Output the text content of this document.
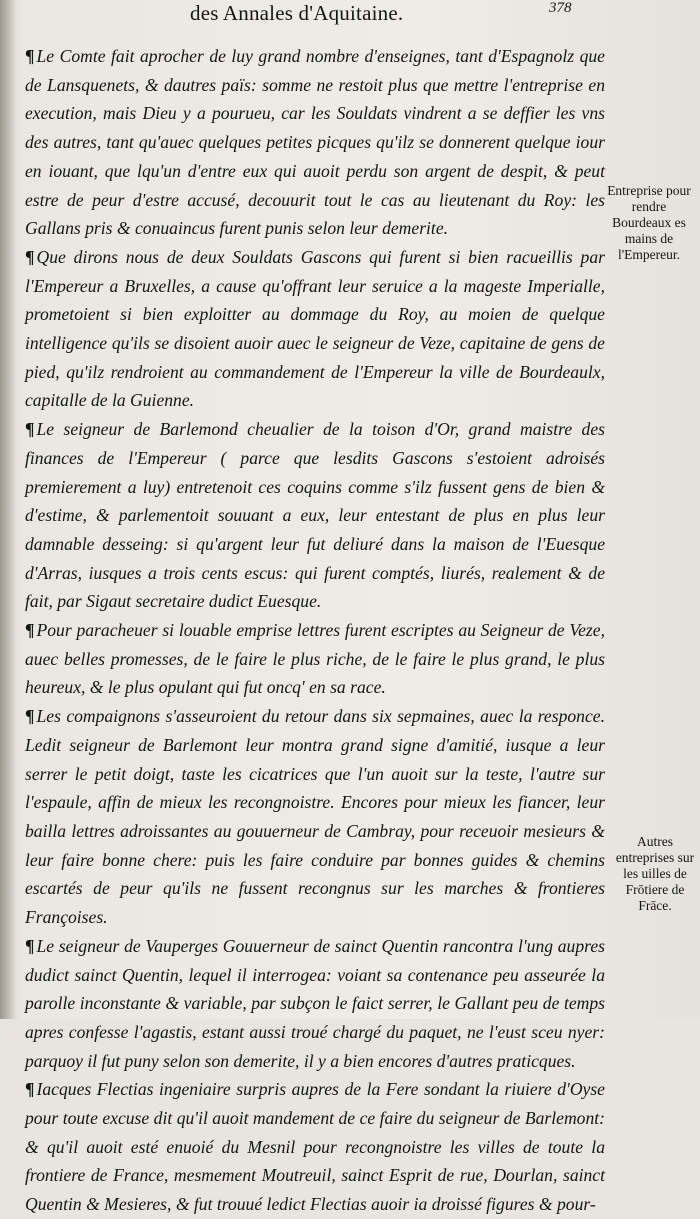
des Annales d'Aquitaine.	378

¶ Le Comte fait aprocher de luy grand nombre d'enseignes, tant d'Espagnolz que de Lansquenets, & dautres païs: somme ne restoit plus que mettre l'entreprise en execution, mais Dieu y a pourueu, car les Souldats vindrent a se deffier les vns des autres, tant qu'auec quelques petites picques qu'ilz se donnerent quelque iour en iouant, que lqu'un d'entre eux qui auoit perdu son argent de despit, & peut estre de peur d'estre accusé, decouurit tout le cas au lieutenant du Roy: les Gallans pris & conuaincus furent punis selon leur demerite.

¶ Que dirons nous de deux Souldats Gascons qui furent si bien racueillis par l'Empereur a Bruxelles, a cause qu'offrant leur seruice a la mageste Imperialle, prometoient si bien exploitter au dommage du Roy, au moien de quelque intelligence qu'ils se disoient auoir auec le seigneur de Veze, capitaine de gens de pied, qu'ilz rendroient au commandement de l'Empereur la ville de Bourdeaulx, capitalle de la Guienne.

¶ Le seigneur de Barlemond cheualier de la toison d'Or, grand maistre des finances de l'Empereur ( parce que lesdits Gascons s'estoient adroisés premierement a luy) entretenoit ces coquins comme s'ilz fussent gens de bien & d'estime, & parlementoit souuant a eux, leur entestant de plus en plus leur damnable desseing: si qu'argent leur fut deliuré dans la maison de l'Euesque d'Arras, iusques a trois cents escus: qui furent comptés, liurés, realement & de fait, par Sigaut secretaire dudict Euesque.

¶ Pour paracheuer si louable emprise lettres furent escriptes au Seigneur de Veze, auec belles promesses, de le faire le plus riche, de le faire le plus grand, le plus heureux, & le plus opulant qui fut oncq' en sa race.

¶ Les compaignons s'asseuroient du retour dans six sepmaines, auec la responce. Ledit seigneur de Barlemont leur montra grand signe d'amitié, iusque a leur serrer le petit doigt, taste les cicatrices que l'un auoit sur la teste, l'autre sur l'espaule, affin de mieux les recongnoistre. Encores pour mieux les fiancer, leur bailla lettres adroissantes au gouuerneur de Cambray, pour receuoir mesieurs & leur faire bonne chere: puis les faire conduire par bonnes guides & chemins escartés de peur qu'ils ne fussent recongnus sur les marches & frontieres Françoises.

¶ Le seigneur de Vauperges Gouuerneur de sainct Quentin rancontra l'ung aupres dudict sainct Quentin, lequel il interrogea: voiant sa contenance peu asseurée la parolle inconstante & variable, par subçon le faict serrer, le Gallant peu de temps apres confesse l'agastis, estant aussi troué chargé du paquet, ne l'eust sceu nyer: parquoy il fut puny selon son demerite, il y a bien encores d'autres praticques.

¶ Iacques Flectias ingeniaire surpris aupres de la Fere sondant la riuiere d'Oyse pour toute excuse dit qu'il auoit mandement de ce faire du seigneur de Barlemont: & qu'il auoit esté enuoié du Mesnil pour recongnoistre les villes de toute la frontiere de France, mesmement Moutreuil, sainct Esprit de rue, Dourlan, sainct Quentin & Mesieres, & fut trouué ledict Flectias auoir ia droissé figures & pour-

Entreprise pour rendre Bourdeaux es mains de l'Empereur.
Autres entreprises sur les uilles de Frōtiere de Frāce.
